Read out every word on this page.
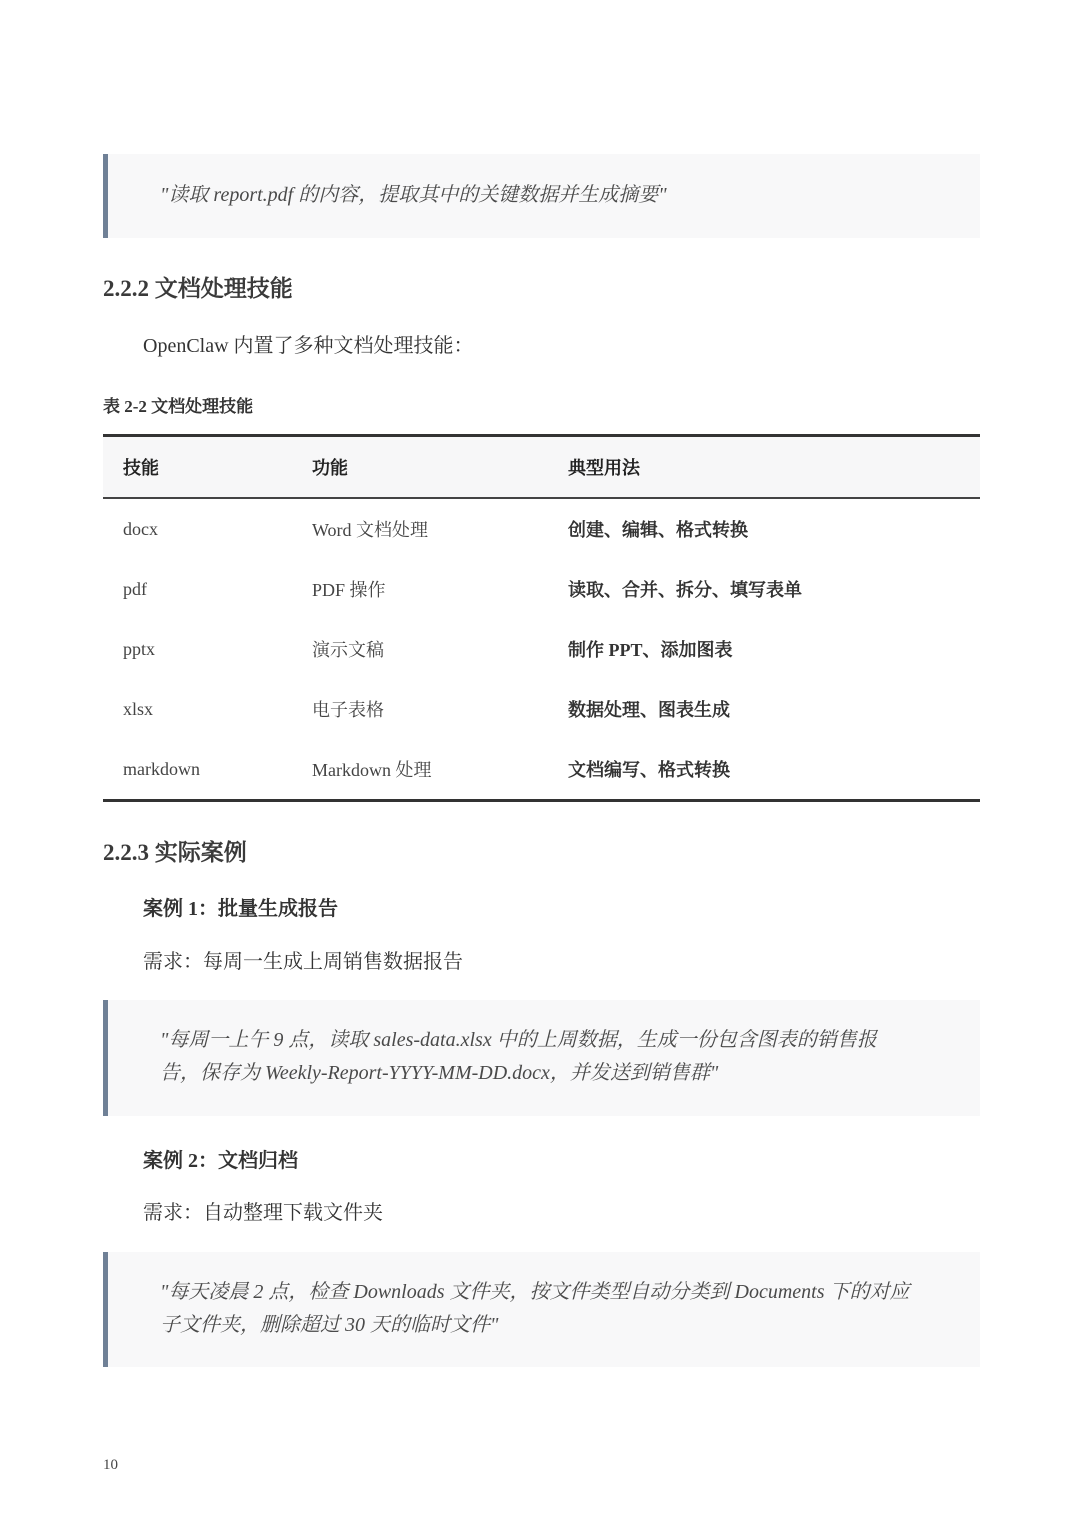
"读取 report.pdf 的内容，提取其中的关键数据并生成摘要"
2.2.2 文档处理技能
OpenClaw 内置了多种文档处理技能：
表 2-2 文档处理技能
技能	功能	典型用法
docx	Word 文档处理	创建、编辑、格式转换
pdf	PDF 操作	读取、合并、拆分、填写表单
pptx	演示文稿	制作 PPT、添加图表
xlsx	电子表格	数据处理、图表生成
markdown	Markdown 处理	文档编写、格式转换
2.2.3 实际案例
案例 1：批量生成报告
需求：每周一生成上周销售数据报告
"每周一上午 9 点，读取 sales-data.xlsx 中的上周数据，生成一份包含图表的销售报
告，保存为 Weekly-Report-YYYY-MM-DD.docx，并发送到销售群"
案例 2：文档归档
需求：自动整理下载文件夹
"每天凌晨 2 点，检查 Downloads 文件夹，按文件类型自动分类到 Documents 下的对应
子文件夹，删除超过 30 天的临时文件"
10
